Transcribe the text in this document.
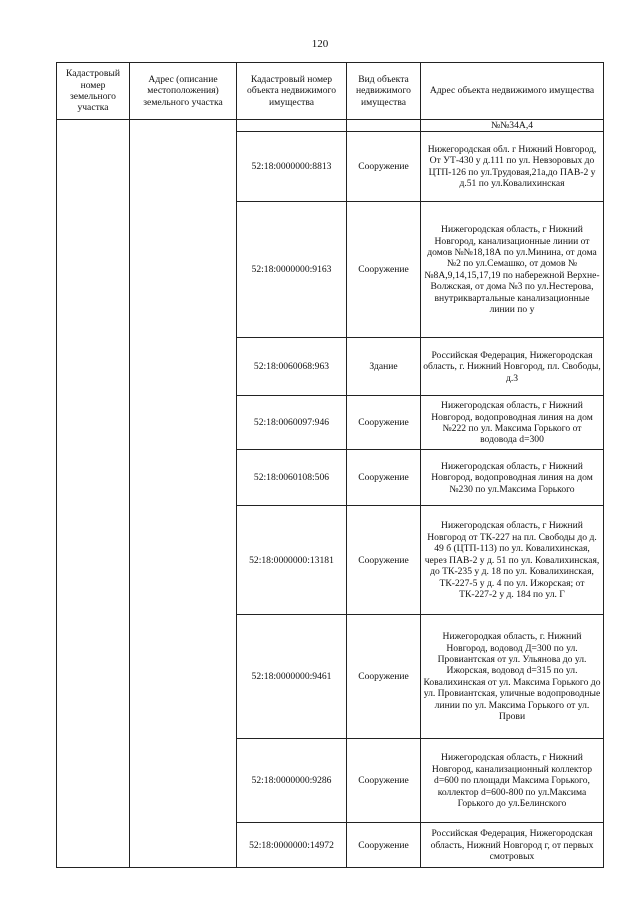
120
Кадастровый номер земельного участка	Адрес (описание местоположения) земельного участка	Кадастровый номер объекта недвижимого имущества	Вид объекта недвижимого имущества	Адрес объекта недвижимого имущества

				№№34А,4

		52:18:0000000:8813	Сооружение	Нижегородская обл. г Нижний Новгород, От УТ-430 у д.111 по ул. Невзоровых до ЦТП-126 по ул.Трудовая,21а,до ПАВ-2 у д.51 по ул.Ковалихинская

		52:18:0000000:9163	Сооружение	Нижегородская область, г Нижний Новгород, канализационные линии от домов №№18,18А по ул.Минина, от дома №2 по ул.Семашко, от домов №№8А,9,14,15,17,19 по набережной Верхне-Волжская, от дома №3 по ул.Нестерова, внутриквартальные канализационные линии по у

		52:18:0060068:963	Здание	Российская Федерация, Нижегородская область, г. Нижний Новгород, пл. Свободы, д.3

		52:18:0060097:946	Сооружение	Нижегородская область, г Нижний Новгород, водопроводная линия на дом №222 по ул. Максима Горького от водовода d=300

		52:18:0060108:506	Сооружение	Нижегородская область, г Нижний Новгород, водопроводная линия на дом №230 по ул.Максима Горького

		52:18:0000000:13181	Сооружение	Нижегородская область, г Нижний Новгород от ТК-227 на пл. Свободы до д. 49 б (ЦТП-113) по ул. Ковалихинская, через ПАВ-2 у д. 51 по ул. Ковалихинская, до ТК-235 у д. 18 по ул. Ковалихинская, ТК-227-5 у д. 4 по ул. Ижорская; от ТК-227-2 у д. 184 по ул. Г

		52:18:0000000:9461	Сооружение	Нижегородкая область, г. Нижний Новгород, водовод Д=300 по ул. Провиантская от ул. Ульянова до ул. Ижорская, водовод d=315 по ул. Ковалихинская от ул. Максима Горького до ул. Провиантская, уличные водопроводные линии по ул. Максима Горького от ул. Прови

		52:18:0000000:9286	Сооружение	Нижегородская область, г Нижний Новгород, канализационный коллектор d=600 по площади Максима Горького, коллектор d=600-800 по ул.Максима Горького до ул.Белинского

		52:18:0000000:14972	Сооружение	Российская Федерация, Нижегородская область, Нижний Новгород г, от первых смотровых
